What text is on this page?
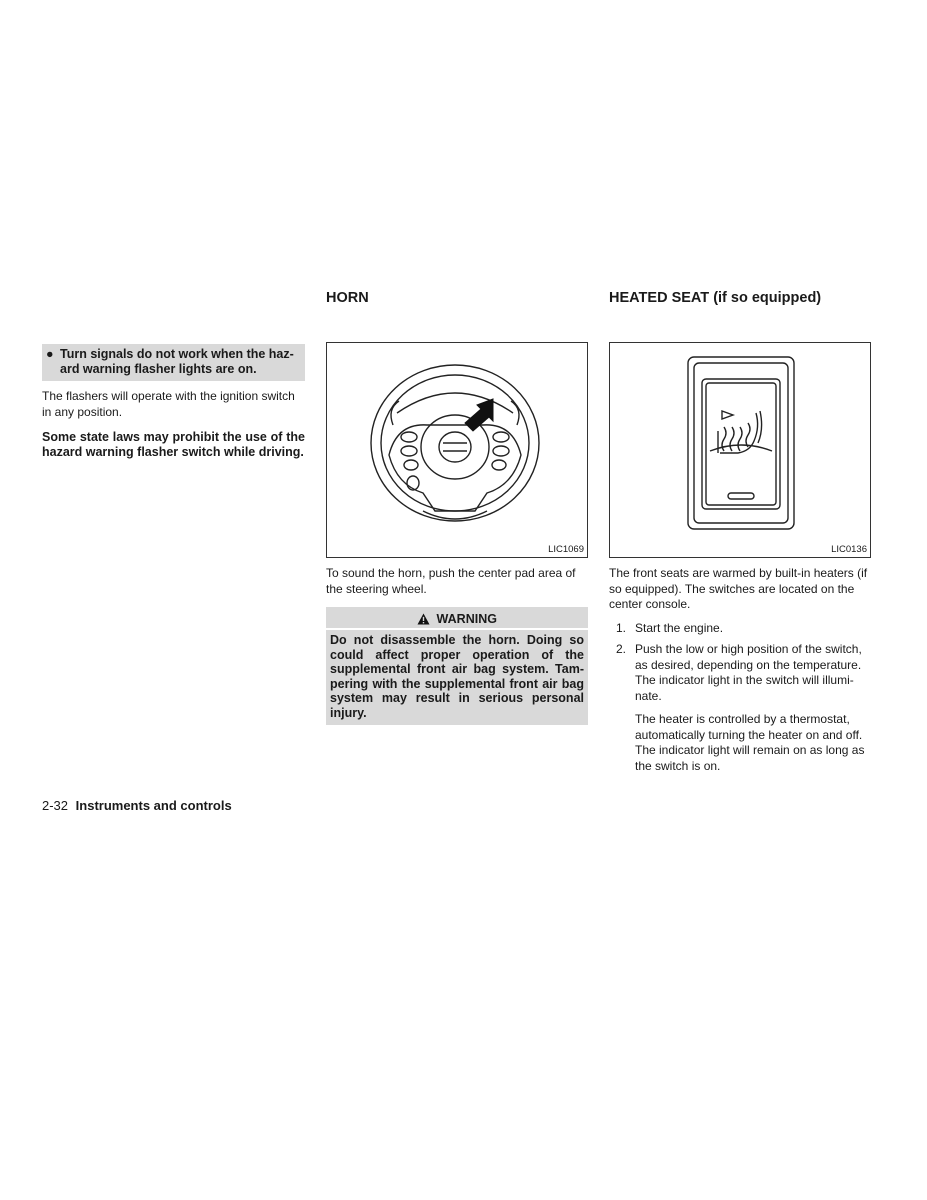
● Turn signals do not work when the haz-ard warning flasher lights are on.

The flashers will operate with the ignition switch in any position.

Some state laws may prohibit the use of the hazard warning flasher switch while driving.

HORN
LIC1069

To sound the horn, push the center pad area of the steering wheel.

WARNING
Do not disassemble the horn. Doing so could affect proper operation of the supplemental front air bag system. Tam-pering with the supplemental front air bag system may result in serious personal injury.
HEATED SEAT (if so equipped)
LIC0136

The front seats are warmed by built-in heaters (if so equipped). The switches are located on the center console.

1. Start the engine.
2. Push the low or high position of the switch, as desired, depending on the temperature. The indicator light in the switch will illumi-nate.

The heater is controlled by a thermostat, automatically turning the heater on and off. The indicator light will remain on as long as the switch is on.

2-32 Instruments and controls
